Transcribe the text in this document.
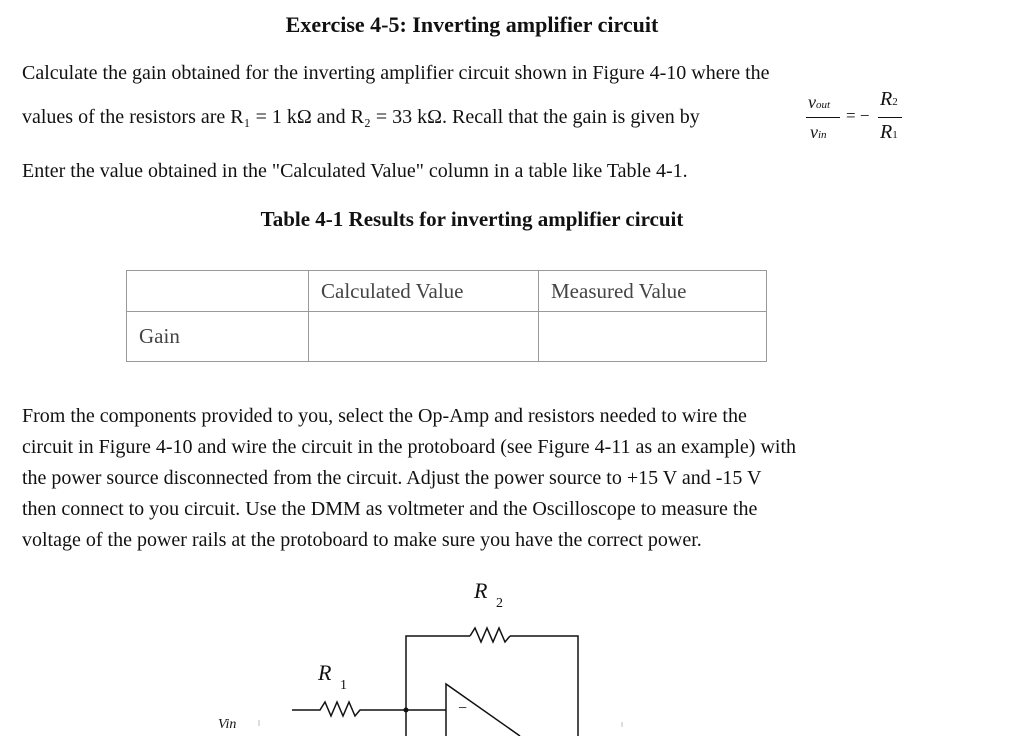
Exercise 4-5: Inverting amplifier circuit
Calculate the gain obtained for the inverting amplifier circuit shown in Figure 4-10 where the
values of the resistors are R₁ = 1 kΩ and R₂ = 33 kΩ. Recall that the gain is given by
vout
vin
= −
R2
R1
Enter the value obtained in the "Calculated Value" column in a table like Table 4-1.
Table 4-1 Results for inverting amplifier circuit
	Calculated Value	Measured Value
Gain		
From the components provided to you, select the Op-Amp and resistors needed to wire the
circuit in Figure 4-10 and wire the circuit in the protoboard (see Figure 4-11 as an example) with
the power source disconnected from the circuit. Adjust the power source to +15 V and -15 V
then connect to you circuit. Use the DMM as voltmeter and the Oscilloscope to measure the
voltage of the power rails at the protoboard to make sure you have the correct power.
R
2
R
1
Vin
−
